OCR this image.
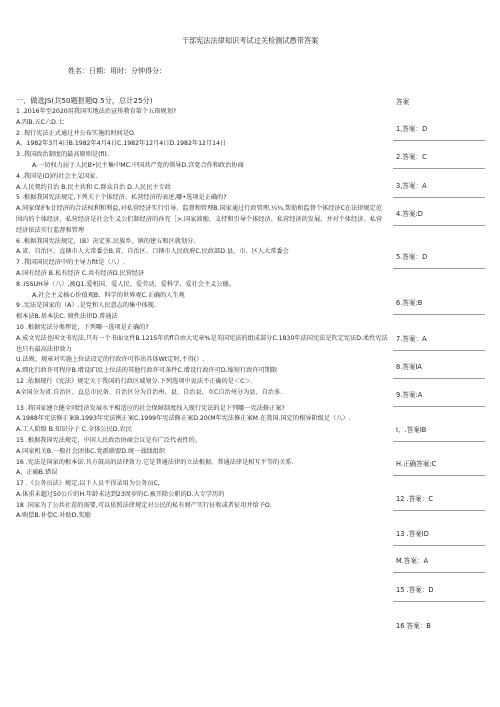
干部宪法法律知识考试过关检测试愚带答案
姓名：日期：用时：分钟得分：
一、做选JS(共50题抠题Q.5分，总计25分)
1 .2016年至2020用我国实地法治宣传教育第个五珞规划?
A.四B.五C六D.七
2 .现行宪法正式通过并公布实施的时间是O.
A、1982年3月4日B.1982年4月4日C.1982年12月4日D.1982年12月14日
3 .我国政治制度的最高原则是(fi).
A.一切权力屈于人民B•民主集中MC.中国共产党的领导D.宫党合作和政治协商
4 .我国是(D)的社会主义国家.
A.人民契约自治 B.民主共和 C.群众自治 D.人民民主专政
5 .根据我国宪法规定,下列关于个体经济、私营经济的表述,哪•选项是正确的?
A.同家保护k廿经济的合法权利和利益,对私营经济实行引导、监督和管理B.国家通过行政管理,¼¾,帮助和监督个体经济C在法律规定范围内的个体经济、私营经济是社会生义公们制经济的孙充［>.国家鼓励、支持和引导个体经济、私营经济的发展，并对个体经济、私营经济依法实行监督和管理
6 .根据我国宪法规定，(B》决定多.民族乡、镇的建五和区就划分.
A.省、自治区、直辖市人大常委会B.省、自治区、口辖市人民政府C.民政部D.县、市、区人大常委会
7 .我国国民经济中的主导力fit是（八）.
A.国有经济 B.私有经济 C.共有经济D.民营经济
8 .ISSUH导（八）,被Q1.爱机国、爱人民、爱劳动、爱科学、爱社会主义公德。
A,社会主义核心价值观B、科学的世界观C.正确的人生观
9 .宪法是国家的（A）.是党和人民意志的集中体现.
根本法B.基本法C. 般性法律D.普通法
10 .根据宪法分类理论，下列哪一选项是正确的?
A.成文宪法也叫文书宪法,只有一个书面文件B.1215年的fl自由大宪章%是英国宪法的组成部分C.1830年法国宪法是钦定宪法D.柔性宪法也只有最高法律效力
U.法规、规章对实施上位法设定的行政许可作出具体Wt定时,不得(）.
A.细化行政许可程序B.增设iΓl反上位法的其他行政许可条件C.增设行政许可D.缩短行政许可期限
12 .依据现行《宪法》规定关于我国的行政区域划分.下列选项中说法不正确的是＜C＞.
A全国分为省.自治区、直总市民备、自治区分为自治州、县、自治县、市C自治州分为县、自治多.
13 .将国家建立健全同经济发展水平相适应的社会保障制度找入现行宪法的是下列哪一宪法修正案?
A.1988年宪法修正案B.1993年宪法例正案C.1999年宪法修正案D.20(M年宪法修正案M.在我国.国定的根导阶级足（八）.
A.工人阶级 B.知识分子 C.全体公民D.农民
15 .根据我国宪法规定，中国人民政治协商会议是有广泛代表性的。
A.国家机关B.一般社会团体C.党派联盟D.统一战线组织
16 .宪法是国家的根本法.具方鼓高的法律效力.它是普通法律的立法根据。普通法律是相互平等的关系.
A、正确B.错误
17 .《公务员法》规定,以下人员不得录用为公务员C,
A.体重未超过50公斤的H.年龄未达到23周岁的C.被开除公职的D.大专学历的
18 .国家为了公共社茬的需要,可以依照法律规定对公民的私有财产实行征收或者征用并给予O.
A.购偿B.补偿C.补助D.奖励
答案
1,答案：D
2.答案：C
3,答案：A
4.答案:D
5.答案：D
6.答案:B
7.答案：A
8.答案IA
9.答案:A
I、.答案IB
H.正确答案:C
12 .答案：C
13 .答案ID
M.答案：A
15 .答案：D
16 答案：B
